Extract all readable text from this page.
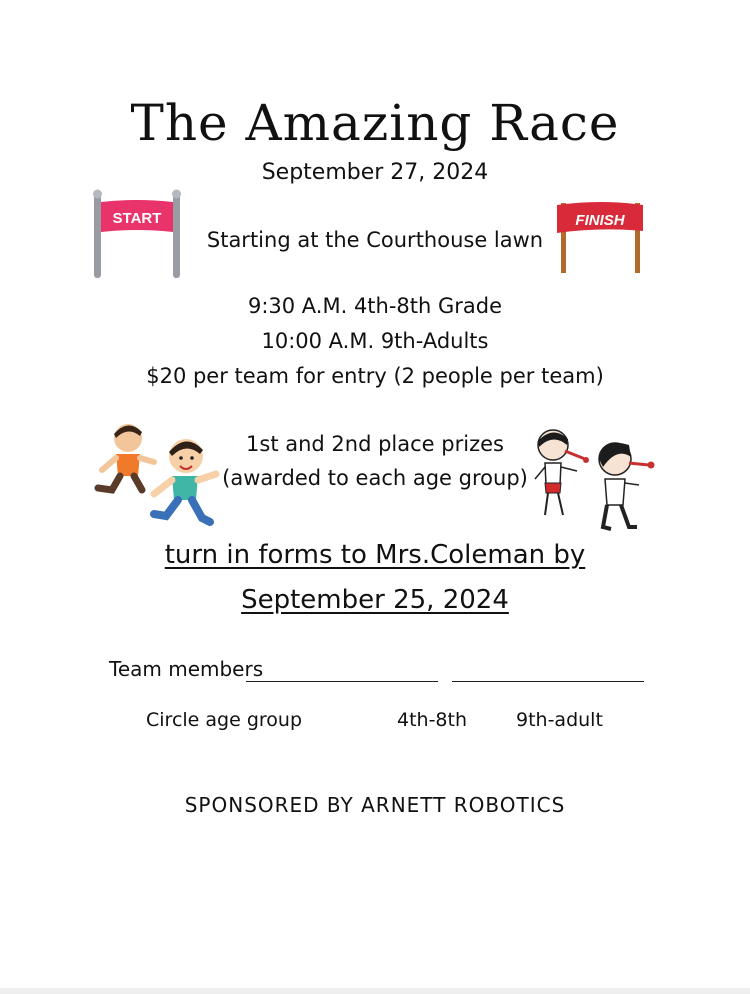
The Amazing Race
September 27, 2024
START	FINISH
Starting at the Courthouse lawn
9:30 A.M. 4th-8th Grade
10:00 A.M. 9th-Adults
$20 per team for entry (2 people per team)
1st and 2nd place prizes
(awarded to each age group)
turn in forms to Mrs.Coleman by
September 25, 2024
Team members
Circle age group	4th-8th	9th-adult
SPONSORED BY ARNETT ROBOTICS
